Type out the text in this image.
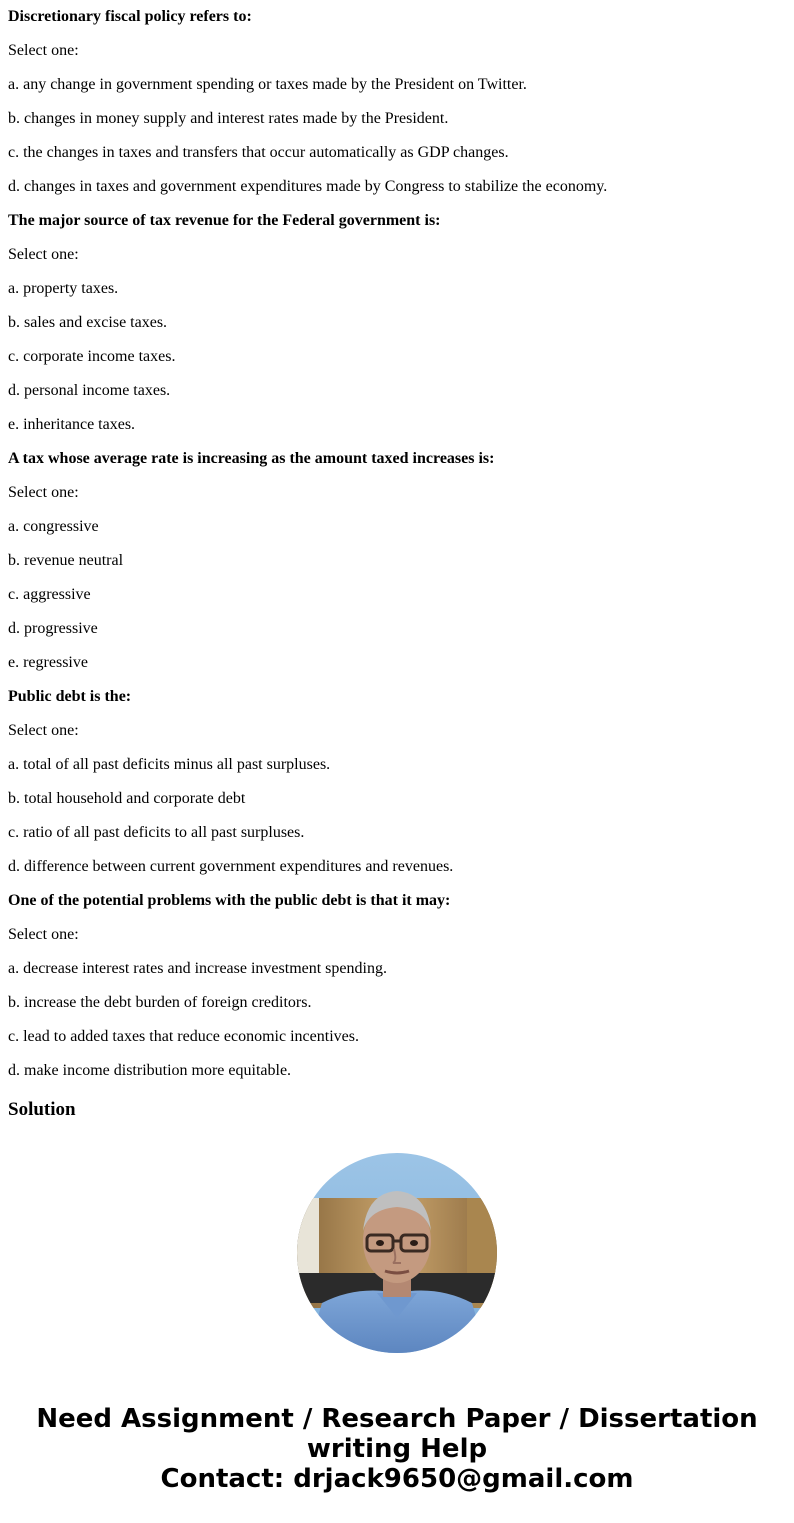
Discretionary fiscal policy refers to:

Select one:

a. any change in government spending or taxes made by the President on Twitter.

b. changes in money supply and interest rates made by the President.

c. the changes in taxes and transfers that occur automatically as GDP changes.

d. changes in taxes and government expenditures made by Congress to stabilize the economy.

The major source of tax revenue for the Federal government is:

Select one:

a. property taxes.

b. sales and excise taxes.

c. corporate income taxes.

d. personal income taxes.

e. inheritance taxes.

A tax whose average rate is increasing as the amount taxed increases is:

Select one:

a. congressive

b. revenue neutral

c. aggressive

d. progressive

e. regressive

Public debt is the:

Select one:

a. total of all past deficits minus all past surpluses.

b. total household and corporate debt

c. ratio of all past deficits to all past surpluses.

d. difference between current government expenditures and revenues.

One of the potential problems with the public debt is that it may:

Select one:

a. decrease interest rates and increase investment spending.

b. increase the debt burden of foreign creditors.

c. lead to added taxes that reduce economic incentives.

d. make income distribution more equitable.

Solution
Need Assignment / Research Paper / Dissertation
writing Help
Contact: drjack9650@gmail.com
